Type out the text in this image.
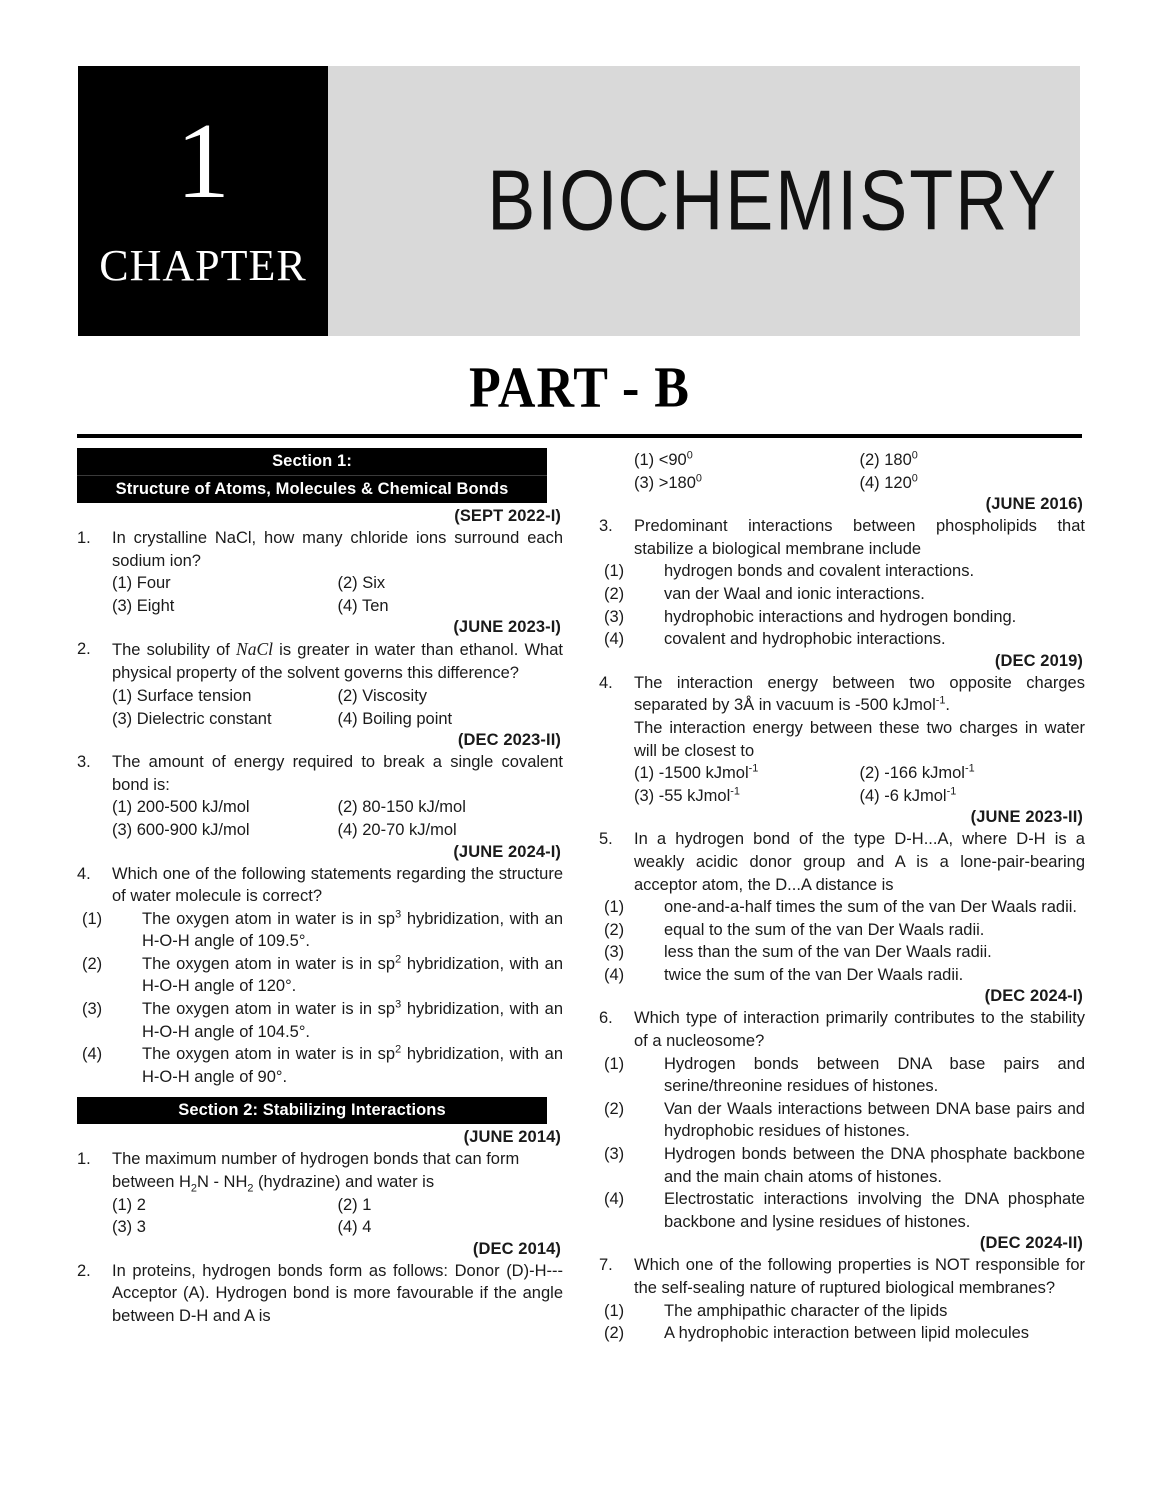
1
CHAPTER
BIOCHEMISTRY
PART - B
Section 1:
Structure of Atoms, Molecules & Chemical Bonds
(SEPT 2022-I)
1.	In crystalline NaCl, how many chloride ions surround each sodium ion?
(1) Four	(2) Six
(3) Eight	(4) Ten
(JUNE 2023-I)
2.	The solubility of NaCl is greater in water than ethanol. What physical property of the solvent governs this difference?
(1) Surface tension	(2) Viscosity
(3) Dielectric constant	(4) Boiling point
(DEC 2023-II)
3.	The amount of energy required to break a single covalent bond is:
(1) 200-500 kJ/mol	(2) 80-150 kJ/mol
(3) 600-900 kJ/mol	(4) 20-70 kJ/mol
(JUNE 2024-I)
4.	Which one of the following statements regarding the structure of water molecule is correct?
(1) The oxygen atom in water is in $sp^3$ hybridization, with an H-O-H angle of 109.5°.
(2) The oxygen atom in water is in $sp^2$ hybridization, with an H-O-H angle of 120°.
(3) The oxygen atom in water is in $sp^3$ hybridization, with an H-O-H angle of 104.5°.
(4) The oxygen atom in water is in $sp^2$ hybridization, with an H-O-H angle of 90°.
Section 2: Stabilizing Interactions
(JUNE 2014)
1.	The maximum number of hydrogen bonds that can form between $H_2N - NH_2$ (hydrazine) and water is
(1) 2	(2) 1
(3) 3	(4) 4
(DEC 2014)
2.	In proteins, hydrogen bonds form as follows: Donor (D)-H---Acceptor (A). Hydrogen bond is more favourable if the angle between D-H and A is
$(1) <90^0$	(2) $180^0$
$(3) >180^0$	(4) $120^0$
(JUNE 2016)
3.	Predominant interactions between phospholipids that stabilize a biological membrane include
(1) hydrogen bonds and covalent interactions.
(2) van der Waal and ionic interactions.
(3) hydrophobic interactions and hydrogen bonding.
(4) covalent and hydrophobic interactions.
(DEC 2019)
4.	The interaction energy between two opposite charges separated by 3Å in vacuum is -500 kJmol$^{-1}$.
The interaction energy between these two charges in water will be closest to
(1) -1500 kJmol$^{-1}$	(2) -166 kJmol$^{-1}$
(3) -55 kJmol$^{-1}$	(4) -6 kJmol$^{-1}$
(JUNE 2023-II)
5.	In a hydrogen bond of the type D-H...A, where D-H is a weakly acidic donor group and A is a lone-pair-bearing acceptor atom, the D...A distance is
(1) one-and-a-half times the sum of the van Der Waals radii.
(2) equal to the sum of the van Der Waals radii.
(3) less than the sum of the van Der Waals radii.
(4) twice the sum of the van Der Waals radii.
(DEC 2024-I)
6.	Which type of interaction primarily contributes to the stability of a nucleosome?
(1) Hydrogen bonds between DNA base pairs and serine/threonine residues of histones.
(2) Van der Waals interactions between DNA base pairs and hydrophobic residues of histones.
(3) Hydrogen bonds between the DNA phosphate backbone and the main chain atoms of histones.
(4) Electrostatic interactions involving the DNA phosphate backbone and lysine residues of histones.
(DEC 2024-II)
7.	Which one of the following properties is NOT responsible for the self-sealing nature of ruptured biological membranes?
(1) The amphipathic character of the lipids
(2) A hydrophobic interaction between lipid molecules
